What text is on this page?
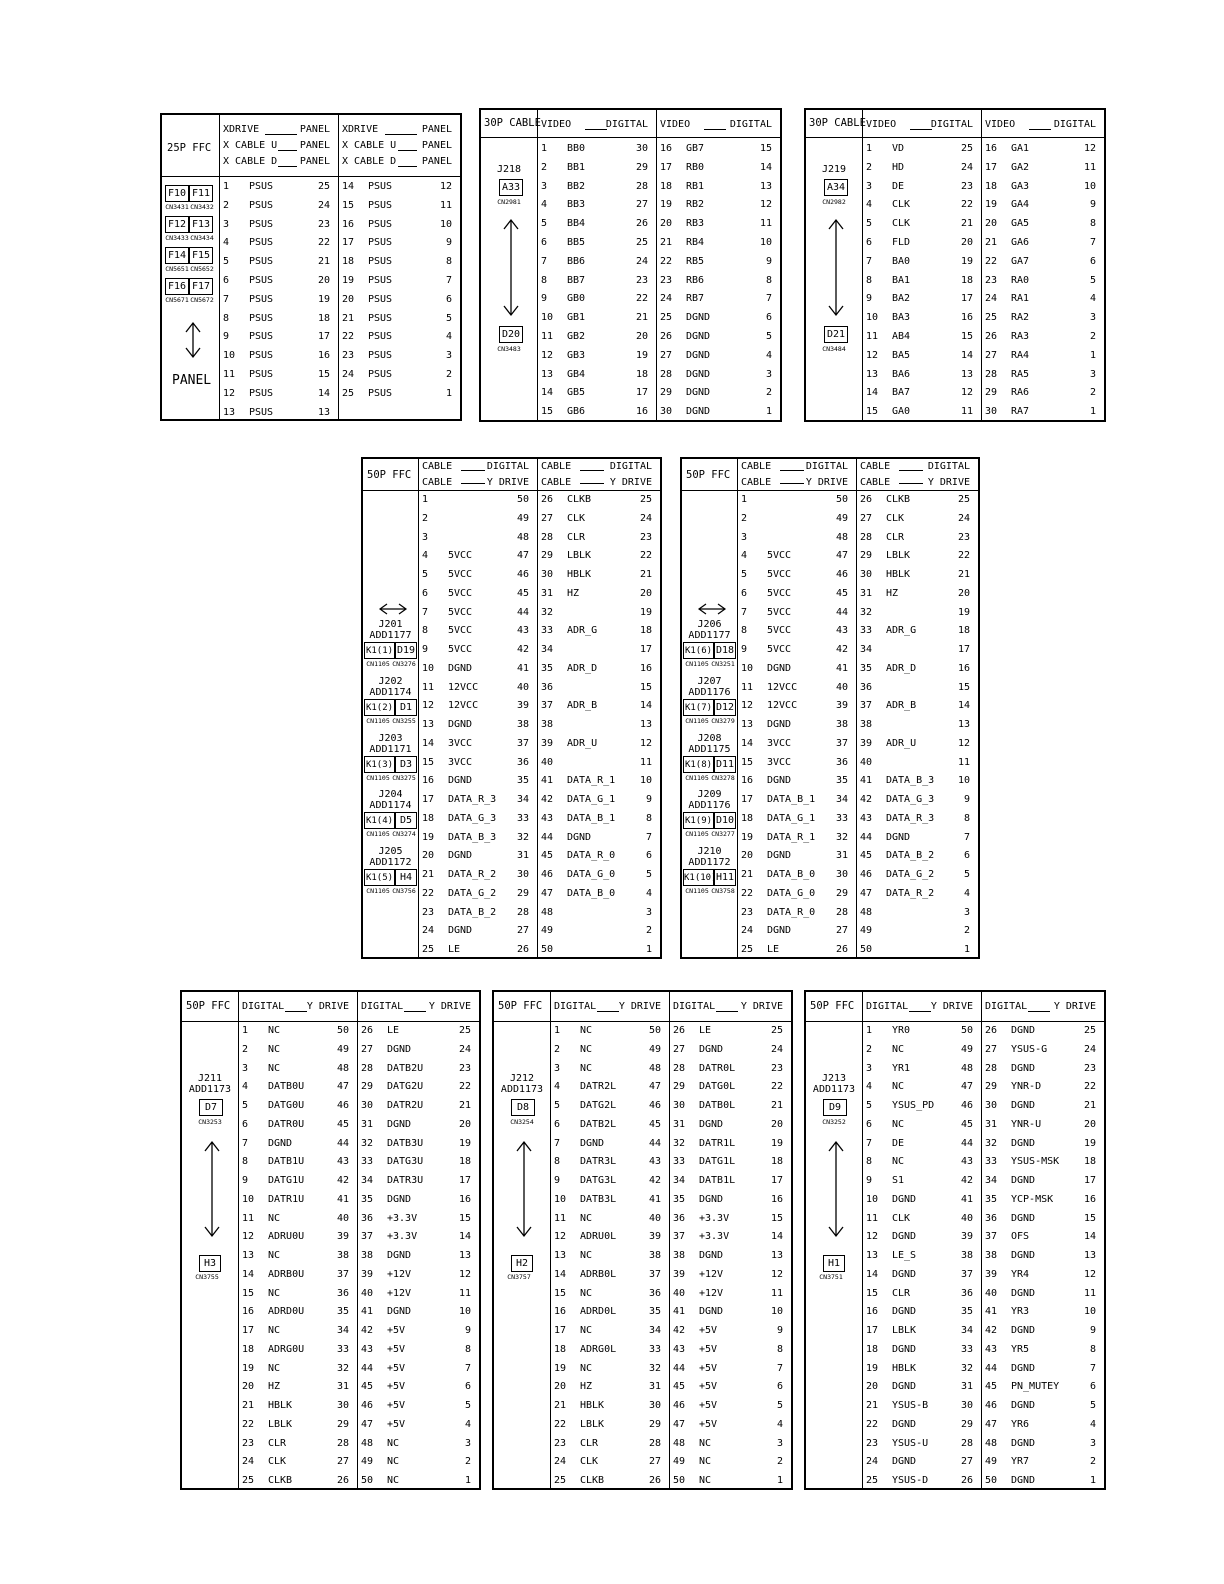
25P FFC
XDRIVE	PANEL
X CABLE U PANEL
X CABLE D PANEL
XDRIVE	PANEL
X CABLE U	PANEL
X CABLE D	PANEL
F10 F11
CN3431 CN3432
F12 F13
CN3433 CN3434
F14 F15
CN5651 CN5652
F16 F17
CN5671 CN5672
PANEL
1 PSUS	25
2 PSUS	24
3 PSUS	23
4 PSUS	22
5 PSUS	21
6 PSUS	20
7 PSUS	19
8 PSUS	18
9 PSUS	17
10 PSUS	16
11 PSUS	15
12 PSUS	14
13 PSUS	13
14 PSUS	12
15 PSUS	11
16 PSUS	10
17 PSUS	9
18 PSUS	8
19 PSUS	7
20 PSUS	6
21 PSUS	5
22 PSUS	4
23 PSUS	3
24 PSUS	2
25 PSUS	1
30P CABLE VIDEO	DIGITAL VIDEO	DIGITAL
J218
A33
CN2981
D20
CN3483
1 BB0	30
2 BB1	29
3 BB2	28
4 BB3	27
5 BB4	26
6 BB5	25
7 BB6	24
8 BB7	23
9 GB0	22
10 GB1	21
11 GB2	20
12 GB3	19
13 GB4	18
14 GB5	17
15 GB6	16
16 GB7	15
17 RB0	14
18 RB1	13
19 RB2	12
20 RB3	11
21 RB4	10
22 RB5	9
23 RB6	8
24 RB7	7
25 DGND	6
26 DGND	5
27 DGND	4
28 DGND	3
29 DGND	2
30 DGND	1
30P CABLE VIDEO	DIGITAL VIDEO	DIGITAL
J219
A34
CN2982
D21
CN3484
1 VD	25
2 HD	24
3 DE	23
4 CLK	22
5 CLK	21
6 FLD	20
7 BA0	19
8 BA1	18
9 BA2	17
10 BA3	16
11 AB4	15
12 BA5	14
13 BA6	13
14 BA7	12
15 GA0	11
16 GA1	12
17 GA2	11
18 GA3	10
19 GA4	9
20 GA5	8
21 GA6	7
22 GA7	6
23 RA0	5
24 RA1	4
25 RA2	3
26 RA3	2
27 RA4	1
28 RA5	3
29 RA6	2
30 RA7	1
50P FFC
CABLE	DIGITAL
CABLE	Y DRIVE
CABLE	DIGITAL
CABLE	Y DRIVE
J201
ADD1177
K1(1) D19
CN1105 CN3276
J202
ADD1174
K1(2) D1
CN1105 CN3255
J203
ADD1171
K1(3) D3
CN1105 CN3275
J204
ADD1174
K1(4) D5
CN1105 CN3274
J205
ADD1172
K1(5) H4
CN1105 CN3756
1	50
2	49
3	48
4 5VCC	47
5 5VCC	46
6 5VCC	45
7 5VCC	44
8 5VCC	43
9 5VCC	42
10 DGND	41
11 12VCC	40
12 12VCC	39
13 DGND	38
14 3VCC	37
15 3VCC	36
16 DGND	35
17 DATA_R_3	34
18 DATA_G_3	33
19 DATA_B_3	32
20 DGND	31
21 DATA_R_2	30
22 DATA_G_2	29
23 DATA_B_2	28
24 DGND	27
25 LE	26
26 CLKB	25
27 CLK	24
28 CLR	23
29 LBLK	22
30 HBLK	21
31 HZ	20
32	19
33 ADR_G	18
34	17
35 ADR_D	16
36	15
37 ADR_B	14
38	13
39 ADR_U	12
40	11
41 DATA_R_1	10
42 DATA_G_1	9
43 DATA_B_1	8
44 DGND	7
45 DATA_R_0	6
46 DATA_G_0	5
47 DATA_B_0	4
48	3
49	2
50	1
50P FFC
CABLE	DIGITAL
CABLE	Y DRIVE
CABLE	DIGITAL
CABLE	Y DRIVE
J206
ADD1177
K1(6) D18
CN1105 CN3251
J207
ADD1176
K1(7) D12
CN1105 CN3279
J208
ADD1175
K1(8) D11
CN1105 CN3278
J209
ADD1176
K1(9) D10
CN1105 CN3277
J210
ADD1172
K1(10) H11
CN1105 CN3758
1	50
2	49
3	48
4 5VCC	47
5 5VCC	46
6 5VCC	45
7 5VCC	44
8 5VCC	43
9 5VCC	42
10 DGND	41
11 12VCC	40
12 12VCC	39
13 DGND	38
14 3VCC	37
15 3VCC	36
16 DGND	35
17 DATA_B_1	34
18 DATA_G_1	33
19 DATA_R_1	32
20 DGND	31
21 DATA_B_0	30
22 DATA_G_0	29
23 DATA_R_0	28
24 DGND	27
25 LE	26
26 CLKB	25
27 CLK	24
28 CLR	23
29 LBLK	22
30 HBLK	21
31 HZ	20
32	19
33 ADR_G	18
34	17
35 ADR_D	16
36	15
37 ADR_B	14
38	13
39 ADR_U	12
40	11
41 DATA_B_3	10
42 DATA_G_3	9
43 DATA_R_3	8
44 DGND	7
45 DATA_B_2	6
46 DATA_G_2	5
47 DATA_R_2	4
48	3
49	2
50	1
50P FFC DIGITAL Y DRIVE DIGITAL	Y DRIVE
J211
ADD1173
D7
CN3253
H3
CN3755
1 NC	50
2 NC	49
3 NC	48
4 DATB0U	47
5 DATG0U	46
6 DATR0U	45
7 DGND	44
8 DATB1U	43
9 DATG1U	42
10 DATR1U	41
11 NC	40
12 ADRU0U	39
13 NC	38
14 ADRB0U	37
15 NC	36
16 ADRD0U	35
17 NC	34
18 ADRG0U	33
19 NC	32
20 HZ	31
21 HBLK	30
22 LBLK	29
23 CLR	28
24 CLK	27
25 CLKB	26
26 LE	25
27 DGND	24
28 DATB2U	23
29 DATG2U	22
30 DATR2U	21
31 DGND	20
32 DATB3U	19
33 DATG3U	18
34 DATR3U	17
35 DGND	16
36 +3.3V	15
37 +3.3V	14
38 DGND	13
39 +12V	12
40 +12V	11
41 DGND	10
42 +5V	9
43 +5V	8
44 +5V	7
45 +5V	6
46 +5V	5
47 +5V	4
48 NC	3
49 NC	2
50 NC	1
50P FFC DIGITAL Y DRIVE DIGITAL	Y DRIVE
J212
ADD1173
D8
CN3254
H2
CN3757
1 NC	50
2 NC	49
3 NC	48
4 DATR2L	47
5 DATG2L	46
6 DATB2L	45
7 DGND	44
8 DATR3L	43
9 DATG3L	42
10 DATB3L	41
11 NC	40
12 ADRU0L	39
13 NC	38
14 ADRB0L	37
15 NC	36
16 ADRD0L	35
17 NC	34
18 ADRG0L	33
19 NC	32
20 HZ	31
21 HBLK	30
22 LBLK	29
23 CLR	28
24 CLK	27
25 CLKB	26
26 LE	25
27 DGND	24
28 DATR0L	23
29 DATG0L	22
30 DATB0L	21
31 DGND	20
32 DATR1L	19
33 DATG1L	18
34 DATB1L	17
35 DGND	16
36 +3.3V	15
37 +3.3V	14
38 DGND	13
39 +12V	12
40 +12V	11
41 DGND	10
42 +5V	9
43 +5V	8
44 +5V	7
45 +5V	6
46 +5V	5
47 +5V	4
48 NC	3
49 NC	2
50 NC	1
50P FFC DIGITAL Y DRIVE DIGITAL	Y DRIVE
J213
ADD1173
D9
CN3252
H1
CN3751
1 YR0	50
2 NC	49
3 YR1	48
4 NC	47
5 YSUS_PD	46
6 NC	45
7 DE	44
8 NC	43
9 S1	42
10 DGND	41
11 CLK	40
12 DGND	39
13 LE_S	38
14 DGND	37
15 CLR	36
16 DGND	35
17 LBLK	34
18 DGND	33
19 HBLK	32
20 DGND	31
21 YSUS-B	30
22 DGND	29
23 YSUS-U	28
24 DGND	27
25 YSUS-D	26
26 DGND	25
27 YSUS-G	24
28 DGND	23
29 YNR-D	22
30 DGND	21
31 YNR-U	20
32 DGND	19
33 YSUS-MSK	18
34 DGND	17
35 YCP-MSK	16
36 DGND	15
37 OFS	14
38 DGND	13
39 YR4	12
40 DGND	11
41 YR3	10
42 DGND	9
43 YR5	8
44 DGND	7
45 PN_MUTEY	6
46 DGND	5
47 YR6	4
48 DGND	3
49 YR7	2
50 DGND	1
